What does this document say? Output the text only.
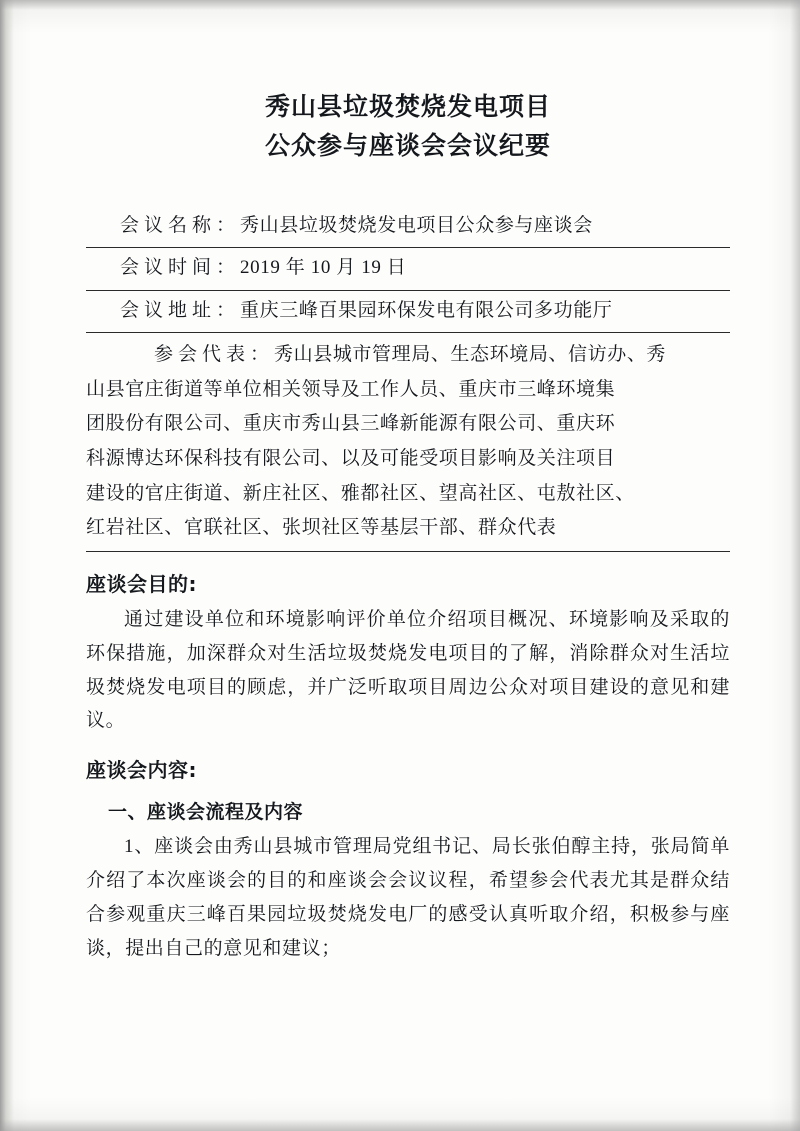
秀山县垃圾焚烧发电项目
公众参与座谈会会议纪要
会议名称：秀山县垃圾焚烧发电项目公众参与座谈会
会议时间：2019 年 10 月 19 日
会议地址：重庆三峰百果园环保发电有限公司多功能厅

参会代表：秀山县城市管理局、生态环境局、信访办、秀

山县官庄街道等单位相关领导及工作人员、重庆市三峰环境集

团股份有限公司、重庆市秀山县三峰新能源有限公司、重庆环

科源博达环保科技有限公司、以及可能受项目影响及关注项目

建设的官庄街道、新庄社区、雅都社区、望高社区、屯敖社区、

红岩社区、官联社区、张坝社区等基层干部、群众代表

座谈会目的:

通过建设单位和环境影响评价单位介绍项目概况、环境影响及采取的环保措施，加深群众对生活垃圾焚烧发电项目的了解，消除群众对生活垃圾焚烧发电项目的顾虑，并广泛听取项目周边公众对项目建设的意见和建议。

座谈会内容:
一、座谈会流程及内容

1、座谈会由秀山县城市管理局党组书记、局长张伯醇主持，张局简单介绍了本次座谈会的目的和座谈会会议议程，希望参会代表尤其是群众结合参观重庆三峰百果园垃圾焚烧发电厂的感受认真听取介绍，积极参与座谈，提出自己的意见和建议；
